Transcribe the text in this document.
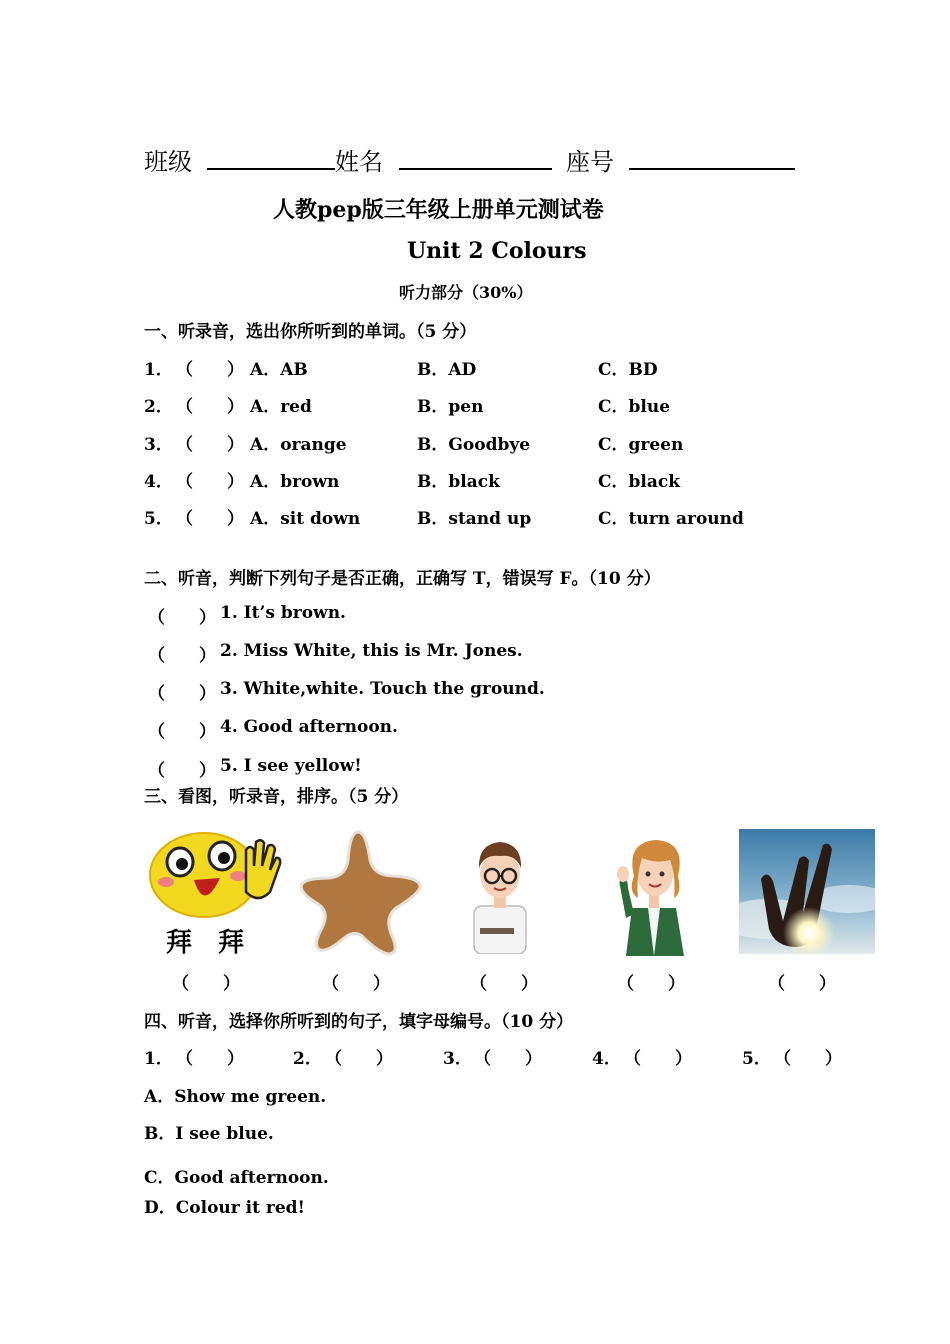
班级	姓名	座号
人教pep版三年级上册单元测试卷
Unit 2 Colours
听力部分（30%）
一、听录音，选出你所听到的单词。（5 分）
1． （　　） A．AB	B．AD	C．BD
2． （　　） A．red	B．pen	C．blue
3． （　　） A．orange	B．Goodbye	C．green
4． （　　） A．brown	B．black	C．black
5． （　　） A．sit down	B．stand up	C．turn around
二、听音，判断下列句子是否正确，正确写 T，错误写 F。（10 分）
（　　） 1. It’s brown.
（　　） 2. Miss White, this is Mr. Jones.
（　　） 3. White,white. Touch the ground.
（　　） 4. Good afternoon.
（　　） 5. I see yellow!
三、看图，听录音，排序。（5 分）
拜　拜
（　　）	（　　）	（　　）	（　　）	（　　）
四、听音，选择你所听到的句子，填字母编号。（10 分）
1． （　　）	2． （　　）	3． （　　）	4． （　　）	5． （　　）
A．Show me green.
B．I see blue.
C．Good afternoon.
D．Colour it red!
